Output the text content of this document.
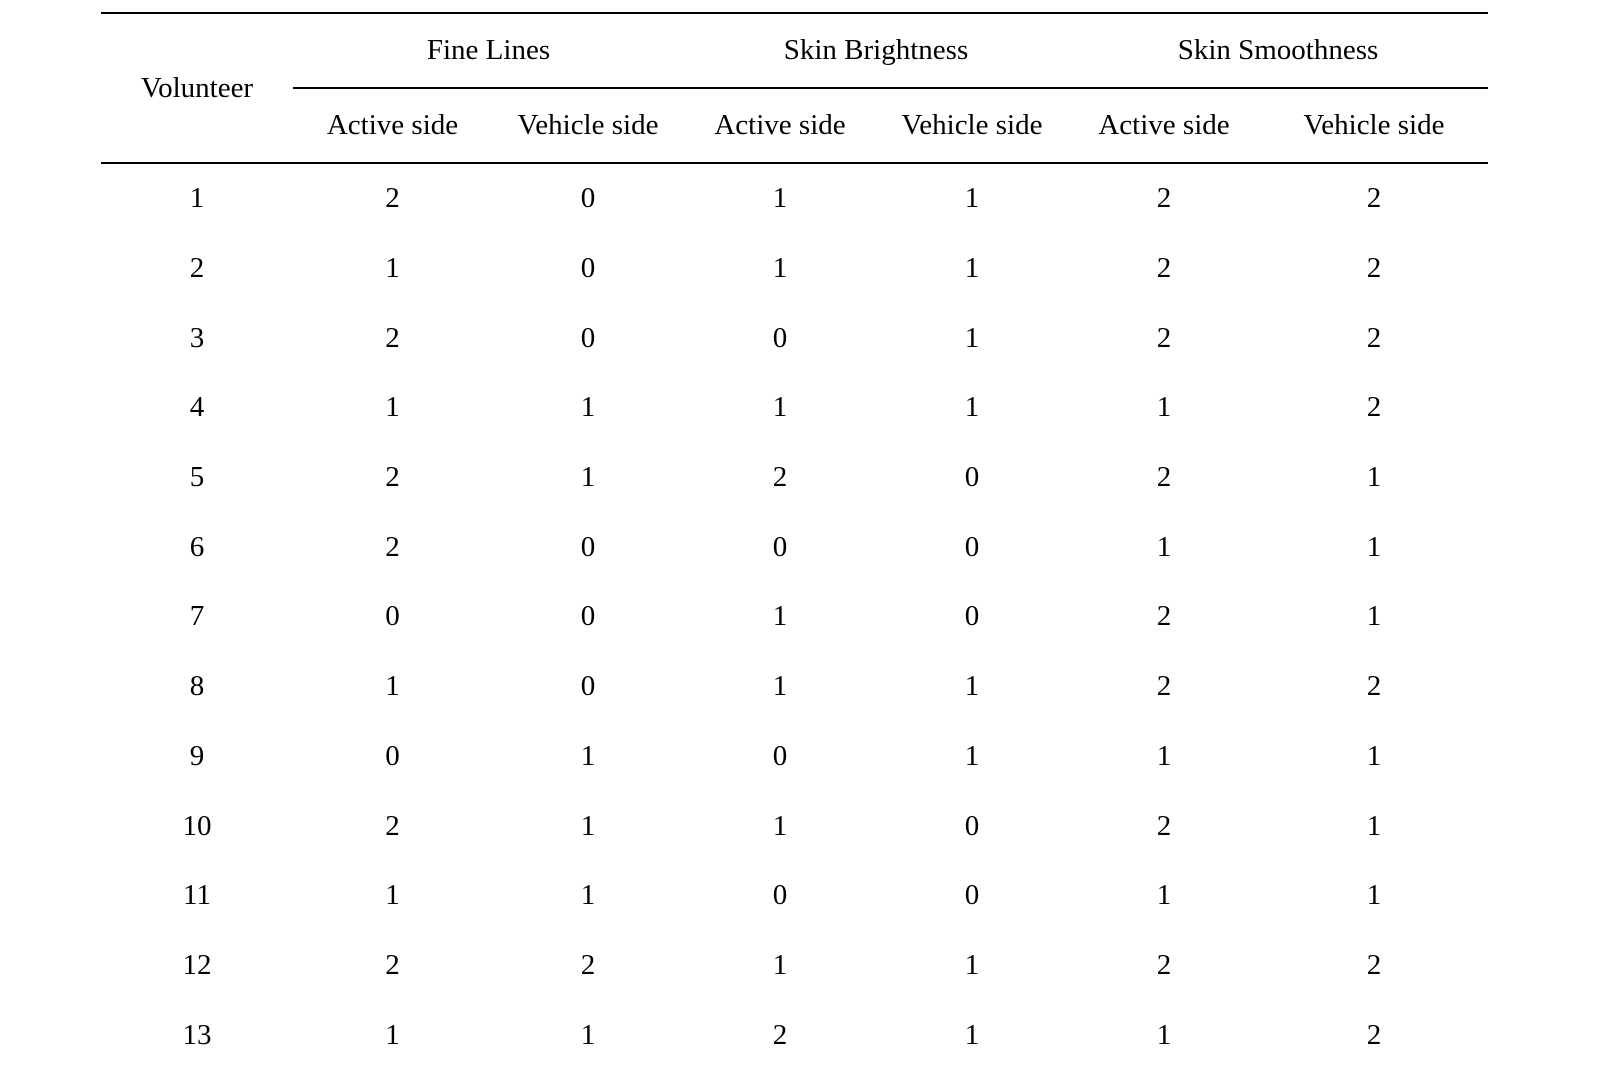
Volunteer	Fine Lines		Skin Brightness		Skin Smoothness	
	Active side	Vehicle side	Active side	Vehicle side	Active side	Vehicle side
1	2	0	1	1	2	2
2	1	0	1	1	2	2
3	2	0	0	1	2	2
4	1	1	1	1	1	2
5	2	1	2	0	2	1
6	2	0	0	0	1	1
7	0	0	1	0	2	1
8	1	0	1	1	2	2
9	0	1	0	1	1	1
10	2	1	1	0	2	1
11	1	1	0	0	1	1
12	2	2	1	1	2	2
13	1	1	2	1	1	2
